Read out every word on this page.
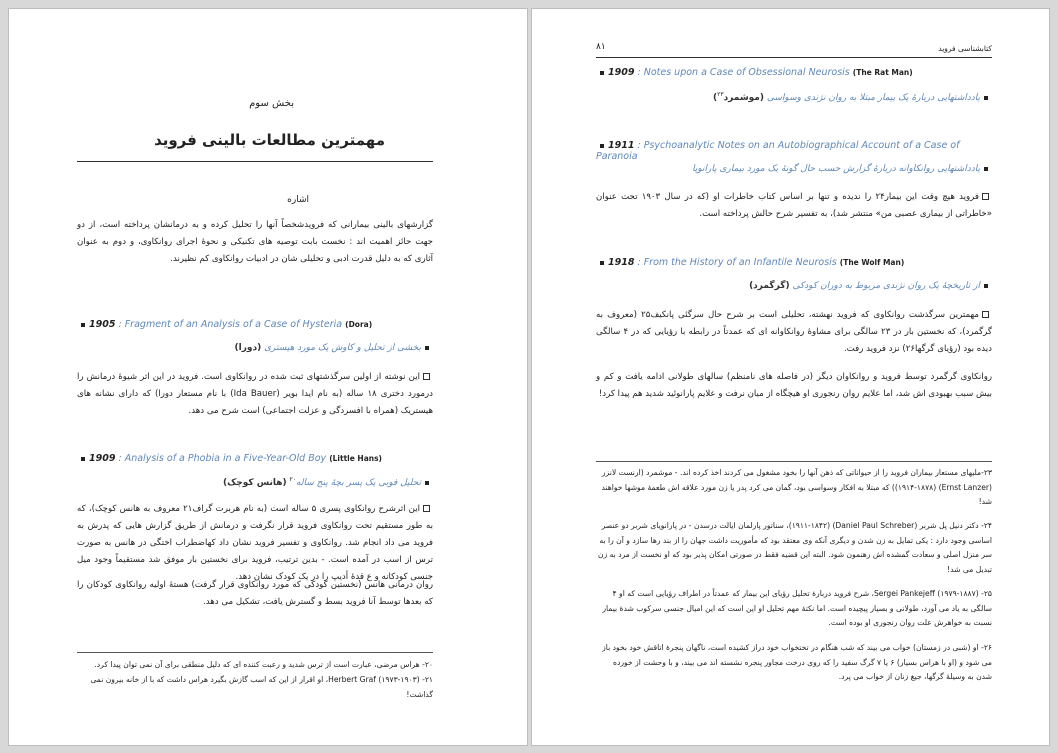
بخش سوم
مهمترین مطالعات بالینی فروید
اشاره
گزارشهای بالینی بیمارانی که فرویدشخصاً آنها را تحلیل کرده و به درمانشان پرداخته است، از دو جهت حائز اهمیت اند : نخست بابت توصیه های تکنیکی و نحوهٔ اجرای روانکاوی، و دوم به عنوان آثاری که به دلیل قدرت ادبی و تحلیلی شان در ادبیات روانکاوی کم نظیرند.
1905 : Fragment of an Analysis of a Case of Hysteria (Dora)
بخشی از تحلیل و کاوش یک مورد هیستری (دورا)
این نوشته از اولین سرگذشتهای ثبت شده در روانکاوی است. فروید در این اثر شیوهٔ درمانش را درمورد دختری ۱۸ ساله (به نام ایدا بویر (Ida Bauer) با نام مستعار دورا) که دارای نشانه های هیستریک (همراه با افسردگی و عزلت اجتماعی) است شرح می دهد.
1909 : Analysis of a Phobia in a Five-Year-Old Boy (Little Hans)
تحلیل فوبی یک پسر بچهٔ پنج ساله$^{۲۰}$ (هانس کوچک)
این اثرشرح روانکاوی پسری ۵ ساله است (به نام هربرت گراف۲۱ معروف به هانس کوچک)، که به طور مستقیم تحت روانکاوی فروید قرار نگرفت و درمانش از طریق گزارش هایی که پدرش به فروید می داد انجام شد. روانکاوی و تفسیر فروید نشان داد کهاضطراب اختگی در هانس به صورت ترس از اسب در آمده است. - بدین ترتیب، فروید برای نخستین بار موفق شد مستقیماً وجود میل جنسی کودکانه و ع قدهٔ أدیپ را در یک کودک نشان دهد.
روان درمانی هانس (نخستین کودکی که مورد روانکاوی قرار گرفت) هستهٔ اولیه روانکاوی کودکان را که بعدها توسط آنا فروید بسط و گسترش یافت، تشکیل می دهد.
۲۰- هراس مرضی، عبارت است از ترس شدید و رعبت کننده ای که دلیل منطقی برای آن نمی توان پیدا کرد.
۲۱- Herbert Graf (۱۹۷۳-۱۹۰۳)، او اقرار از این که اسب گازش بگیرد هراس داشت که با از خانه بیرون نمی گذاشت!
کتابشناسی فروید
۸۱
1909 : Notes upon a Case of Obsessional Neurosis (The Rat Man)
یادداشتهایی دربارهٔ یک بیمار مبتلا به روان نژندی وسواسی (موشمرد$^{۲۳}$)
1911 : Psychoanalytic Notes on an Autobiographical Account of a Case of Paranoia
یادداشتهایی روانکاوانه دربارهٔ گزارش حسب حال گونهٔ یک مورد بیماری پارانویا
فروید هیچ وقت این بیمار۲۴ را ندیده و تنها بر اساس کتاب خاطرات او (که در سال ۱۹۰۳ تحت عنوان «خاطراتی از بیماری عصبی من» منتشر شد)، به تفسیر شرح حالش پرداخته است.
1918 : From the History of an Infantile Neurosis (The Wolf Man)
از تاریخچهٔ یک روان نژندی مربوط به دوران کودکی (گرگمرد)
مهمترین سرگذشت روانکاوی که فروید نهشته، تحلیلی است بر شرح حال سرگئی پانکیف۲۵ (معروف به گرگمرد)، که نخستین بار در ۲۳ سالگی برای مشاوهٔ روانکاوانه ای که عمدتاً در رابطه با رؤیایی که در ۴ سالگی دیده بود (رؤیای گرگها۲۶) نزد فروید رفت.
روانکاوی گرگمرد توسط فروید و روانکاوان دیگر (در فاصله های نامنظم) سالهای طولانی ادامه یافت و کم و بیش سبب بهبودی اش شد، اما علایم روان رنجوری او هیچگاه از میان نرفت و علایم پارانوئید شدید هم پیدا کرد!
۲۳-ملیهای مستعار بیماران فروید را از حیواناتی که ذهن آنها را بخود مشغول می کردند اخذ کرده اند. - موشمرد (ارنست لانزر (Ernst Lanzer) (۱۹۱۴-۱۸۷۸)) که مبتلا به افکار وسواسی بود، گمان می کرد پدر یا زن مورد علاقه اش طعمهٔ موشها خواهند شد!
۲۴- دکتر دنیل پل شربر (Daniel Paul Schreber) (۱۹۱۱-۱۸۴۲)، سناتور پارلمان ایالت درسدن - در پارانویای شربر دو عنصر اساسی وجود دارد : یکی تمایل به زن شدن و دیگری آنکه وی معتقد بود که مأموریت داشت جهان را از بند رها سازد و آن را به سر منزل اصلی و سعادت گمشده اش رهنمون شود. البته این قضیه فقط در صورتی امکان پذیر بود که او نخست از مرد به زن تبدیل می شد!
۲۵- Sergei Pankejeff (۱۹۷۹-۱۸۸۷)، شرح فروید دربارهٔ تحلیل رؤیای این بیمار که عمدتاً در اطراف رؤیایی است که او ۴ سالگی به یاد می آورد، طولانی و بسیار پیچیده است. اما نکتهٔ مهم تحلیل او این است که این امیال جنسی سرکوب شدهٔ بیمار نسبت به خواهرش علت روان رنجوری او بوده است.
۲۶- او (شبی در زمستان) خواب می بیند که شب هنگام در تختخواب خود دراز کشیده است، ناگهان پنجرهٔ اتاقش خود بخود باز می شود و (او با هراس بسیار) ۶ یا ۷ گرگ سفید را که روی درخت مجاور پنجره نشسته اند می بیند، و با وحشت از خورده شدن به وسیلهٔ گرگها، جیغ زنان از خواب می پرد.
